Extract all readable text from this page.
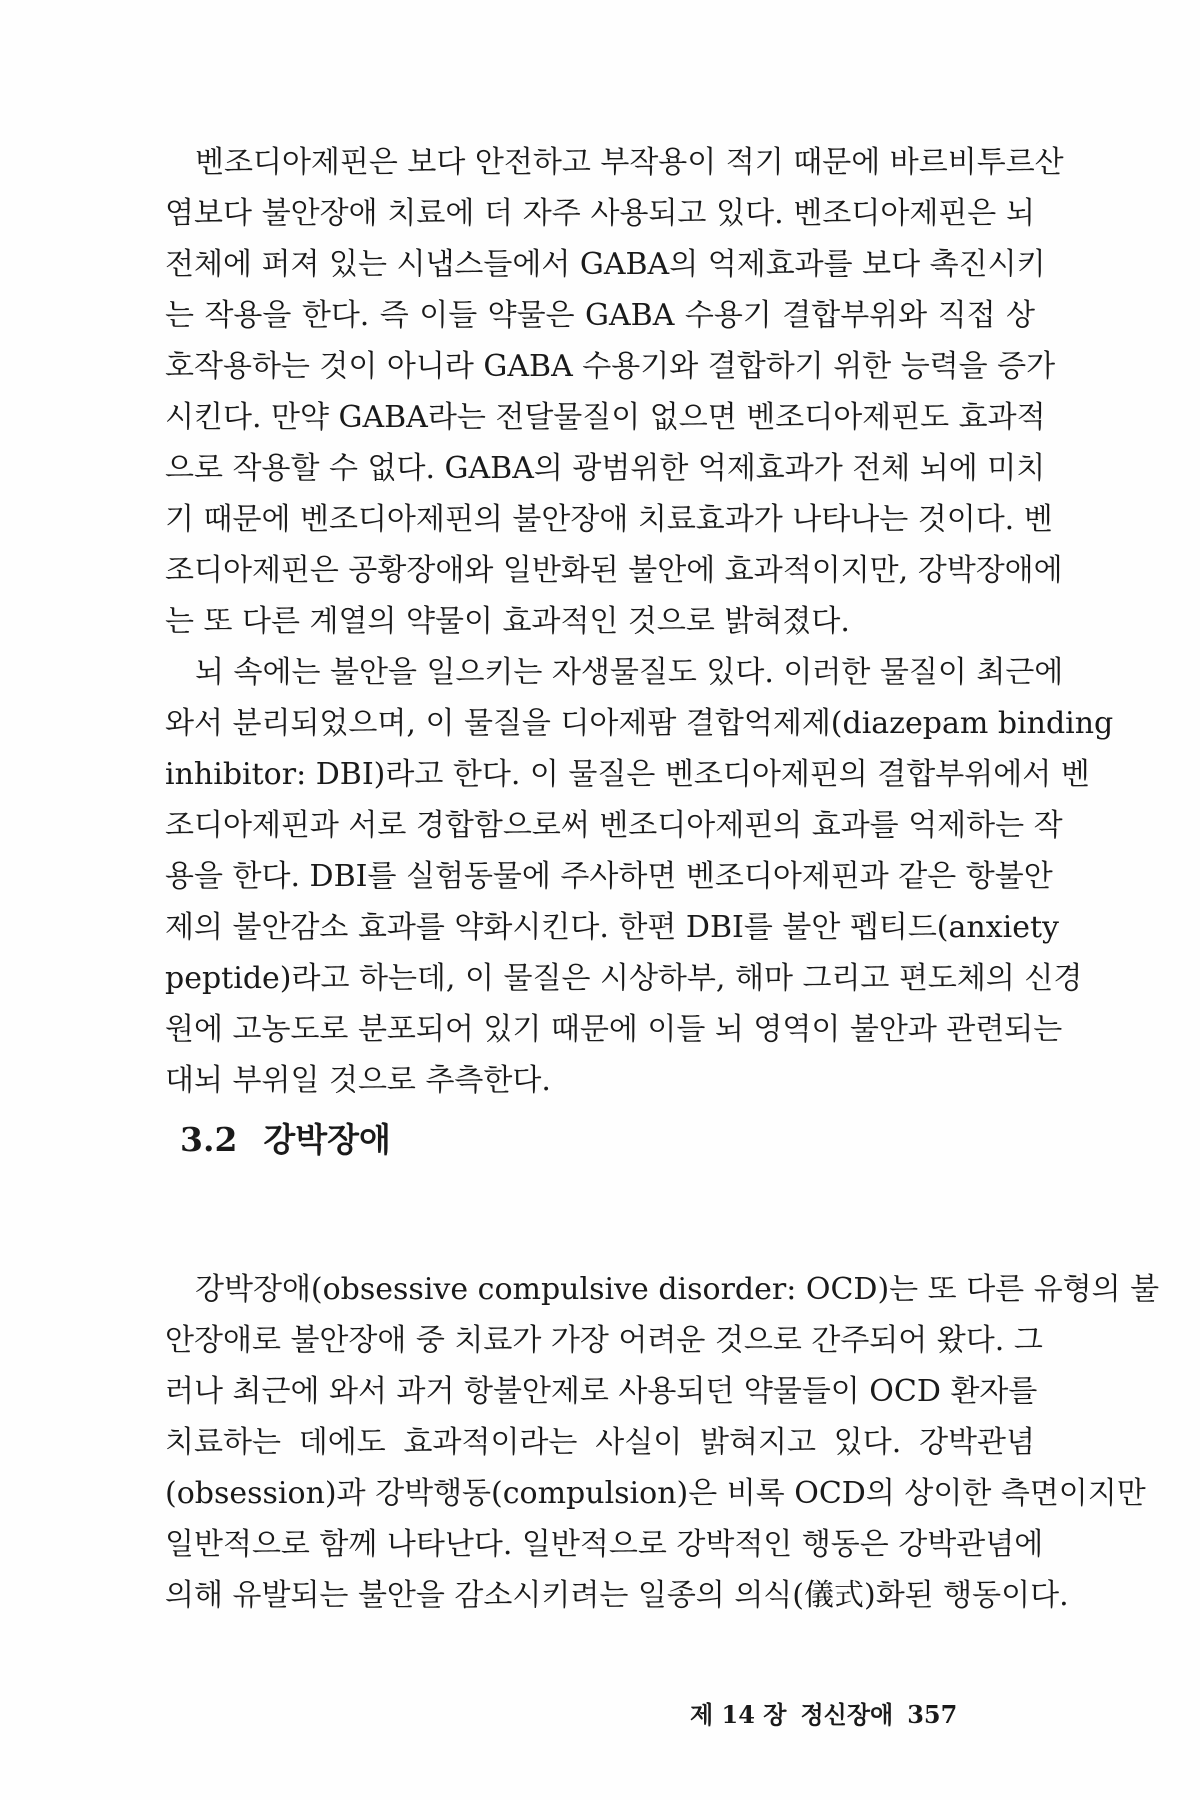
벤조디아제핀은 보다 안전하고 부작용이 적기 때문에 바르비투르산
염보다 불안장애 치료에 더 자주 사용되고 있다. 벤조디아제핀은 뇌
전체에 퍼져 있는 시냅스들에서 GABA의 억제효과를 보다 촉진시키
는 작용을 한다. 즉 이들 약물은 GABA 수용기 결합부위와 직접 상
호작용하는 것이 아니라 GABA 수용기와 결합하기 위한 능력을 증가
시킨다. 만약 GABA라는 전달물질이 없으면 벤조디아제핀도 효과적
으로 작용할 수 없다. GABA의 광범위한 억제효과가 전체 뇌에 미치
기 때문에 벤조디아제핀의 불안장애 치료효과가 나타나는 것이다. 벤
조디아제핀은 공황장애와 일반화된 불안에 효과적이지만, 강박장애에
는 또 다른 계열의 약물이 효과적인 것으로 밝혀졌다.
뇌 속에는 불안을 일으키는 자생물질도 있다. 이러한 물질이 최근에
와서 분리되었으며, 이 물질을 디아제팜 결합억제제(diazepam binding
inhibitor: DBI)라고 한다. 이 물질은 벤조디아제핀의 결합부위에서 벤
조디아제핀과 서로 경합함으로써 벤조디아제핀의 효과를 억제하는 작
용을 한다. DBI를 실험동물에 주사하면 벤조디아제핀과 같은 항불안
제의 불안감소 효과를 약화시킨다. 한편 DBI를 불안 펩티드(anxiety
peptide)라고 하는데, 이 물질은 시상하부, 해마 그리고 편도체의 신경
원에 고농도로 분포되어 있기 때문에 이들 뇌 영역이 불안과 관련되는
대뇌 부위일 것으로 추측한다.
3.2 강박장애
강박장애(obsessive compulsive disorder: OCD)는 또 다른 유형의 불
안장애로 불안장애 중 치료가 가장 어려운 것으로 간주되어 왔다. 그
러나 최근에 와서 과거 항불안제로 사용되던 약물들이 OCD 환자를
치료하는 데에도 효과적이라는 사실이 밝혀지고 있다. 강박관념
(obsession)과 강박행동(compulsion)은 비록 OCD의 상이한 측면이지만
일반적으로 함께 나타난다. 일반적으로 강박적인 행동은 강박관념에
의해 유발되는 불안을 감소시키려는 일종의 의식(儀式)화된 행동이다.
제 14 장 정신장애 357
